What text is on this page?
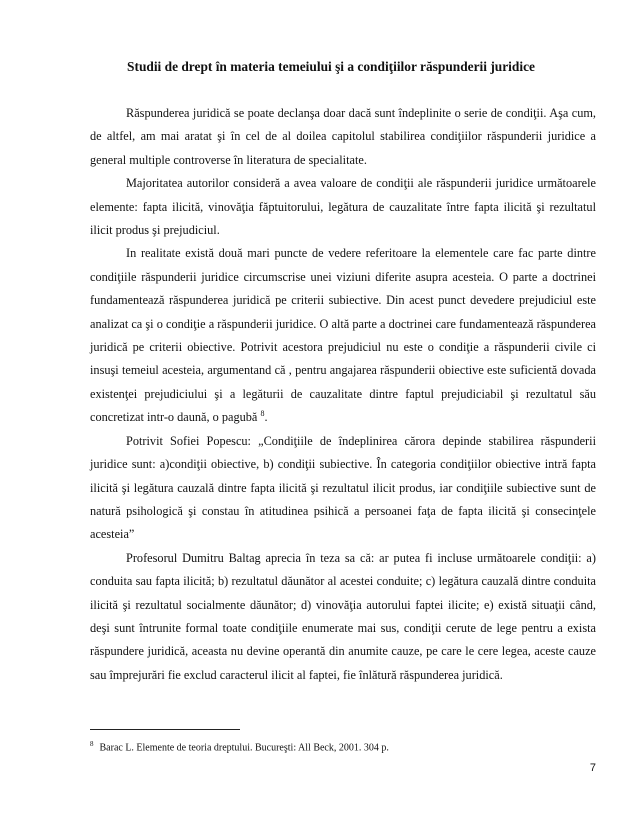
Studii de drept în materia temeiului şi a condiţiilor răspunderii juridice

Răspunderea juridică se poate declanşa doar dacă sunt îndeplinite o serie de condiţii. Aşa cum, de altfel, am mai aratat şi în cel de al doilea capitolul stabilirea condiţiilor răspunderii juridice a general multiple controverse în literatura de specialitate.

Majoritatea autorilor consideră a avea valoare de condiţii ale răspunderii juridice următoarele elemente: fapta ilicită, vinovăţia făptuitorului, legătura de cauzalitate între fapta ilicită şi rezultatul ilicit produs şi prejudiciul.

In realitate există două mari puncte de vedere referitoare la elementele care fac parte dintre condiţiile răspunderii juridice circumscrise unei viziuni diferite asupra acesteia. O parte a doctrinei fundamentează răspunderea juridică pe criterii subiective. Din acest punct devedere prejudiciul este analizat ca şi o condiţie a răspunderii juridice. O altă parte a doctrinei care fundamentează răspunderea juridică pe criterii obiective. Potrivit acestora prejudiciul nu este o condiţie a răspunderii civile ci insuşi temeiul acesteia, argumentand că , pentru angajarea răspunderii obiective este suficientă dovada existenţei prejudiciului şi a legăturii de cauzalitate dintre faptul prejudiciabil şi rezultatul său concretizat intr-o daună, o pagubă $^8$.

Potrivit Sofiei Popescu: „Condiţiile de îndeplinirea cărora depinde stabilirea răspunderii juridice sunt: a)condiţii obiective, b) condiţii subiective. În categoria condiţiilor obiective intră fapta ilicită şi legătura cauzală dintre fapta ilicită şi rezultatul ilicit produs, iar condiţiile subiective sunt de natură psihologică şi constau în atitudinea psihică a persoanei faţa de fapta ilicită şi consecinţele acesteia”

Profesorul Dumitru Baltag aprecia în teza sa că: ar putea fi incluse următoarele condiţii: a) conduita sau fapta ilicită; b) rezultatul dăunător al acestei conduite; c) legătura cauzală dintre conduita ilicită şi rezultatul socialmente dăunător; d) vinovăţia autorului faptei ilicite; e) există situaţii când, deşi sunt întrunite formal toate condiţiile enumerate mai sus, condiţii cerute de lege pentru a exista răspundere juridică, aceasta nu devine operantă din anumite cauze, pe care le cere legea, aceste cauze sau împrejurări fie exclud caracterul ilicit al faptei, fie înlătură răspunderea juridică.

$^8$ Barac L. Elemente de teoria dreptului. Bucureşti: All Beck, 2001. 304 p.
7
